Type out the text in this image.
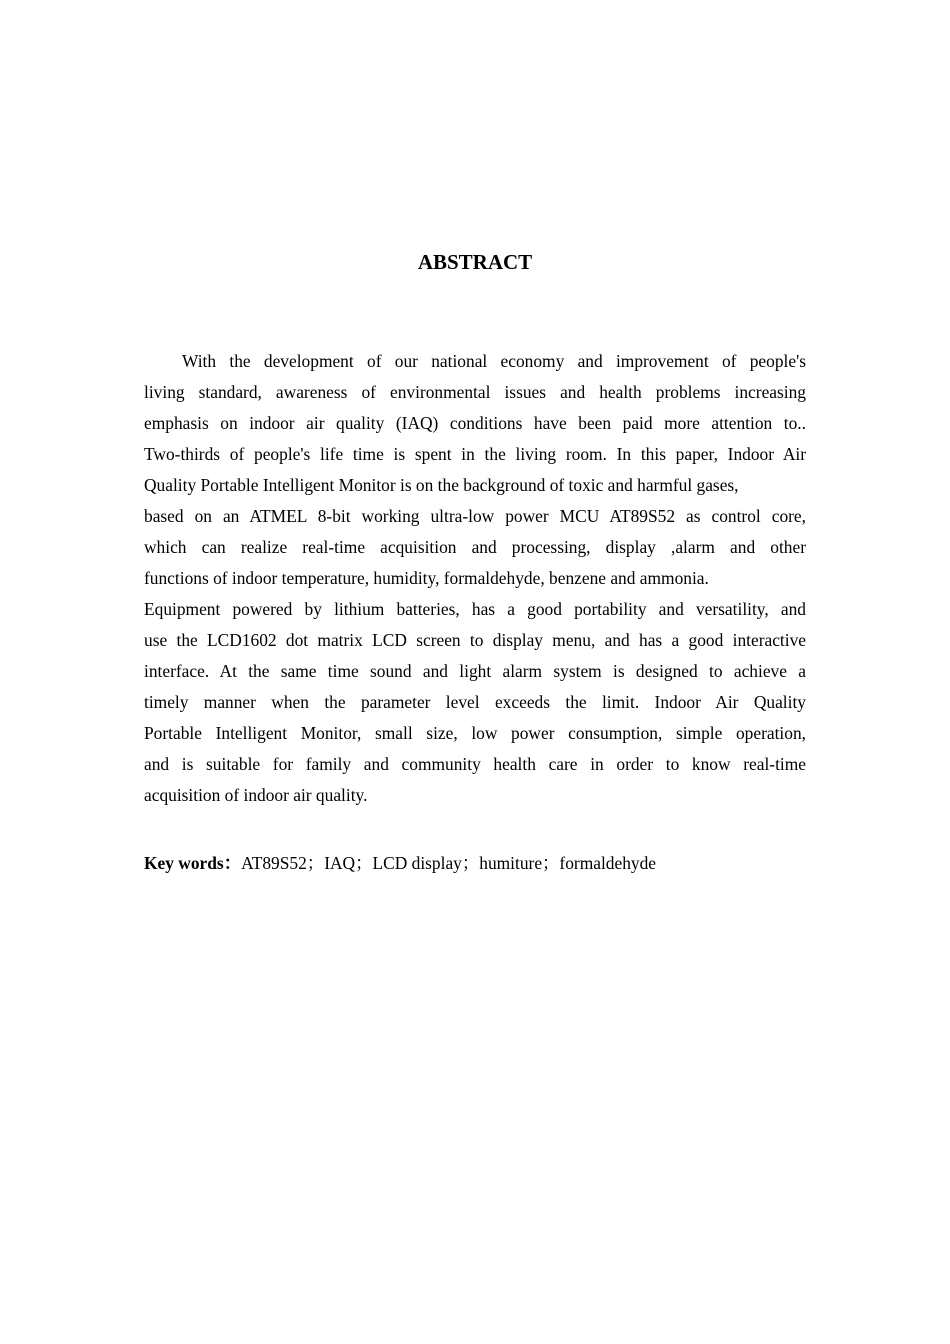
ABSTRACT
With the development of our national economy and improvement of people's
living standard, awareness of environmental issues and health problems increasing
emphasis on indoor air quality (IAQ) conditions have been paid more attention to..
Two-thirds of people's life time is spent in the living room. In this paper, Indoor Air
Quality Portable Intelligent Monitor is on the background of toxic and harmful gases,
based on an ATMEL 8-bit working ultra-low power MCU AT89S52 as control core,
which can realize real-time acquisition and processing, display ,alarm and other
functions of indoor temperature, humidity, formaldehyde, benzene and ammonia.
Equipment powered by lithium batteries, has a good portability and versatility, and
use the LCD1602 dot matrix LCD screen to display menu, and has a good interactive
interface. At the same time sound and light alarm system is designed to achieve a
timely manner when the parameter level exceeds the limit. Indoor Air Quality
Portable Intelligent Monitor, small size, low power consumption, simple operation,
and is suitable for family and community health care in order to know real-time
acquisition of indoor air quality.
Key words：AT89S52；IAQ；LCD display；humiture；formaldehyde
